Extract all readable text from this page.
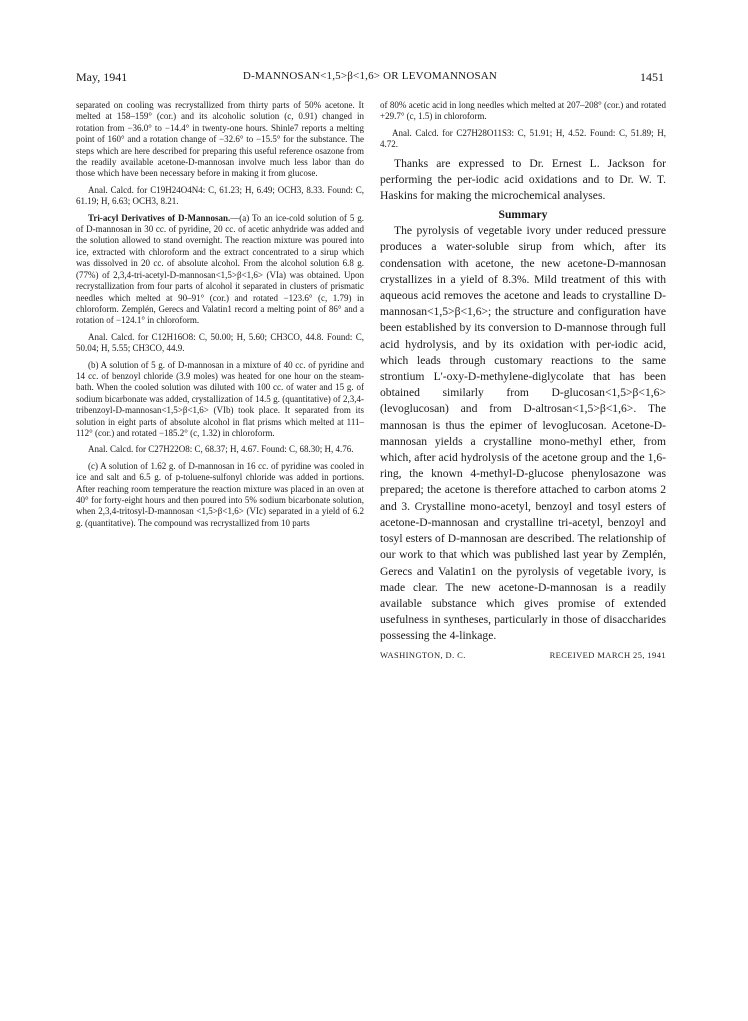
May, 1941	D-MANNOSAN<1,5>β<1,6> OR LEVOMANNOSAN	1451

separated on cooling was recrystallized from thirty parts of 50% acetone. It melted at 158–159° (cor.) and its alcoholic solution (c, 0.91) changed in rotation from −36.0° to −14.4° in twenty-one hours. Shinle7 reports a melting point of 160° and a rotation change of −32.6° to −15.5° for the substance. The steps which are here described for preparing this useful reference osazone from the readily available acetone-D-mannosan involve much less labor than do those which have been necessary before in making it from glucose.

Anal. Calcd. for C19H24O4N4: C, 61.23; H, 6.49; OCH3, 8.33. Found: C, 61.19; H, 6.63; OCH3, 8.21.

Tri-acyl Derivatives of D-Mannosan.—(a) To an ice-cold solution of 5 g. of D-mannosan in 30 cc. of pyridine, 20 cc. of acetic anhydride was added and the solution allowed to stand overnight. The reaction mixture was poured into ice, extracted with chloroform and the extract concentrated to a sirup which was dissolved in 20 cc. of absolute alcohol. From the alcohol solution 6.8 g. (77%) of 2,3,4-tri-acetyl-D-mannosan<1,5>β<1,6> (VIa) was obtained. Upon recrystallization from four parts of alcohol it separated in clusters of prismatic needles which melted at 90–91° (cor.) and rotated −123.6° (c, 1.79) in chloroform. Zemplén, Gerecs and Valatin1 record a melting point of 86° and a rotation of −124.1° in chloroform.

Anal. Calcd. for C12H16O8: C, 50.00; H, 5.60; CH3CO, 44.8. Found: C, 50.04; H, 5.55; CH3CO, 44.9.

(b) A solution of 5 g. of D-mannosan in a mixture of 40 cc. of pyridine and 14 cc. of benzoyl chloride (3.9 moles) was heated for one hour on the steam-bath. When the cooled solution was diluted with 100 cc. of water and 15 g. of sodium bicarbonate was added, crystallization of 14.5 g. (quantitative) of 2,3,4-tribenzoyl-D-mannosan<1,5>β<1,6> (VIb) took place. It separated from its solution in eight parts of absolute alcohol in flat prisms which melted at 111–112° (cor.) and rotated −185.2° (c, 1.32) in chloroform.

Anal. Calcd. for C27H22O8: C, 68.37; H, 4.67. Found: C, 68.30; H, 4.76.

(c) A solution of 1.62 g. of D-mannosan in 16 cc. of pyridine was cooled in ice and salt and 6.5 g. of p-toluene-sulfonyl chloride was added in portions. After reaching room temperature the reaction mixture was placed in an oven at 40° for forty-eight hours and then poured into 5% sodium bicarbonate solution, when 2,3,4-tritosyl-D-mannosan <1,5>β<1,6> (VIc) separated in a yield of 6.2 g. (quantitative). The compound was recrystallized from 10 parts

of 80% acetic acid in long needles which melted at 207–208° (cor.) and rotated +29.7° (c, 1.5) in chloroform.

Anal. Calcd. for C27H28O11S3: C, 51.91; H, 4.52. Found: C, 51.89; H, 4.72.

Thanks are expressed to Dr. Ernest L. Jackson for performing the per-iodic acid oxidations and to Dr. W. T. Haskins for making the microchemical analyses.

Summary

The pyrolysis of vegetable ivory under reduced pressure produces a water-soluble sirup from which, after its condensation with acetone, the new acetone-D-mannosan crystallizes in a yield of 8.3%. Mild treatment of this with aqueous acid removes the acetone and leads to crystalline D-mannosan<1,5>β<1,6>; the structure and configuration have been established by its conversion to D-mannose through full acid hydrolysis, and by its oxidation with per-iodic acid, which leads through customary reactions to the same strontium L'-oxy-D-methylene-diglycolate that has been obtained similarly from D-glucosan<1,5>β<1,6> (levoglucosan) and from D-altrosan<1,5>β<1,6>. The mannosan is thus the epimer of levoglucosan. Acetone-D-mannosan yields a crystalline mono-methyl ether, from which, after acid hydrolysis of the acetone group and the 1,6-ring, the known 4-methyl-D-glucose phenylosazone was prepared; the acetone is therefore attached to carbon atoms 2 and 3. Crystalline mono-acetyl, benzoyl and tosyl esters of acetone-D-mannosan and crystalline tri-acetyl, benzoyl and tosyl esters of D-mannosan are described. The relationship of our work to that which was published last year by Zemplén, Gerecs and Valatin1 on the pyrolysis of vegetable ivory, is made clear. The new acetone-D-mannosan is a readily available substance which gives promise of extended usefulness in syntheses, particularly in those of disaccharides possessing the 4-linkage.

WASHINGTON, D. C.	RECEIVED MARCH 25, 1941
